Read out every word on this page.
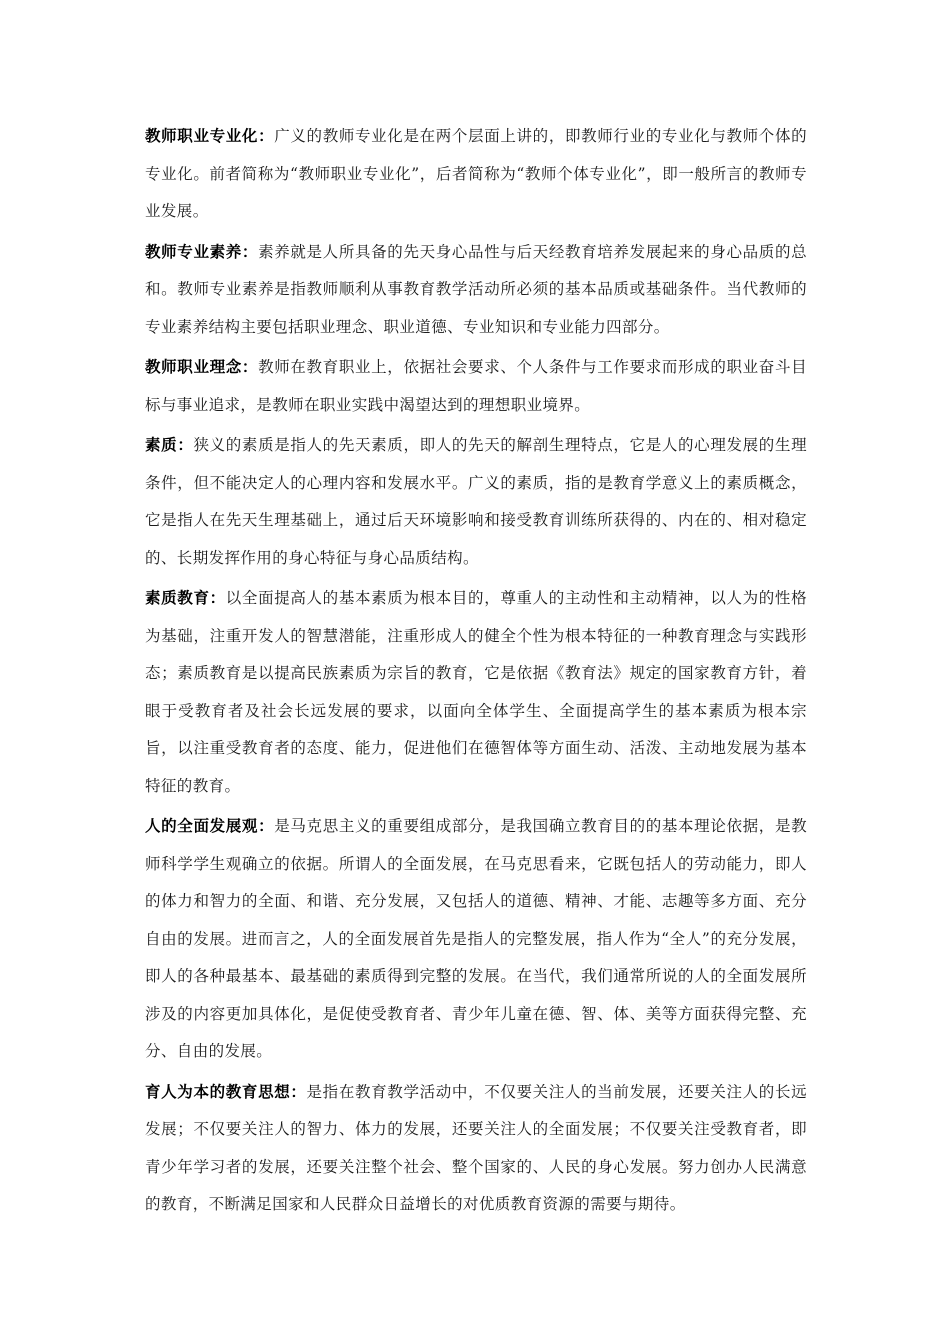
教师职业专业化：广义的教师专业化是在两个层面上讲的，即教师行业的专业化与教师个体的专业化。前者简称为“教师职业专业化”，后者简称为“教师个体专业化”，即一般所言的教师专业发展。

教师专业素养：素养就是人所具备的先天身心品性与后天经教育培养发展起来的身心品质的总和。教师专业素养是指教师顺利从事教育教学活动所必须的基本品质或基础条件。当代教师的专业素养结构主要包括职业理念、职业道德、专业知识和专业能力四部分。

教师职业理念：教师在教育职业上，依据社会要求、个人条件与工作要求而形成的职业奋斗目标与事业追求，是教师在职业实践中渴望达到的理想职业境界。

素质：狭义的素质是指人的先天素质，即人的先天的解剖生理特点，它是人的心理发展的生理条件，但不能决定人的心理内容和发展水平。广义的素质，指的是教育学意义上的素质概念，它是指人在先天生理基础上，通过后天环境影响和接受教育训练所获得的、内在的、相对稳定的、长期发挥作用的身心特征与身心品质结构。

素质教育：以全面提高人的基本素质为根本目的，尊重人的主动性和主动精神，以人为的性格为基础，注重开发人的智慧潜能，注重形成人的健全个性为根本特征的一种教育理念与实践形态；素质教育是以提高民族素质为宗旨的教育，它是依据《教育法》规定的国家教育方针，着眼于受教育者及社会长远发展的要求，以面向全体学生、全面提高学生的基本素质为根本宗旨，以注重受教育者的态度、能力，促进他们在德智体等方面生动、活泼、主动地发展为基本特征的教育。

人的全面发展观：是马克思主义的重要组成部分，是我国确立教育目的的基本理论依据，是教师科学学生观确立的依据。所谓人的全面发展，在马克思看来，它既包括人的劳动能力，即人的体力和智力的全面、和谐、充分发展，又包括人的道德、精神、才能、志趣等多方面、充分自由的发展。进而言之，人的全面发展首先是指人的完整发展，指人作为“全人”的充分发展，即人的各种最基本、最基础的素质得到完整的发展。在当代，我们通常所说的人的全面发展所涉及的内容更加具体化，是促使受教育者、青少年儿童在德、智、体、美等方面获得完整、充分、自由的发展。

育人为本的教育思想：是指在教育教学活动中，不仅要关注人的当前发展，还要关注人的长远发展；不仅要关注人的智力、体力的发展，还要关注人的全面发展；不仅要关注受教育者，即青少年学习者的发展，还要关注整个社会、整个国家的、人民的身心发展。努力创办人民满意的教育，不断满足国家和人民群众日益增长的对优质教育资源的需要与期待。
